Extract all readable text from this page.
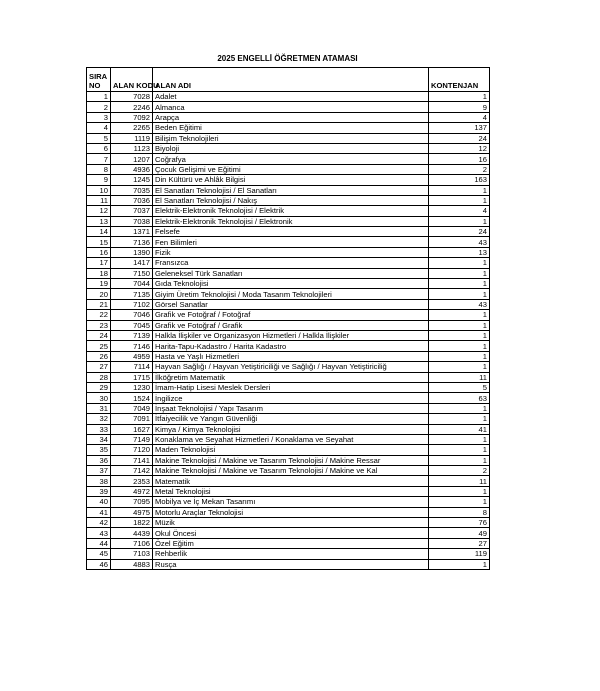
2025 ENGELLİ ÖĞRETMEN ATAMASI
SIRA
NO	ALAN KODU	ALAN ADI	KONTENJAN
1	7028	Adalet	1
2	2246	Almanca	9
3	7092	Arapça	4
4	2265	Beden Eğitimi	137
5	1119	Bilişim Teknolojileri	24
6	1123	Biyoloji	12
7	1207	Coğrafya	16
8	4936	Çocuk Gelişimi ve Eğitimi	2
9	1245	Din Kültürü ve Ahlâk Bilgisi	163
10	7035	El Sanatları Teknolojisi / El Sanatları	1
11	7036	El Sanatları Teknolojisi / Nakış	1
12	7037	Elektrik-Elektronik Teknolojisi / Elektrik	4
13	7038	Elektrik-Elektronik Teknolojisi / Elektronik	1
14	1371	Felsefe	24
15	7136	Fen Bilimleri	43
16	1390	Fizik	13
17	1417	Fransızca	1
18	7150	Geleneksel Türk Sanatları	1
19	7044	Gıda Teknolojisi	1
20	7135	Giyim Üretim Teknolojisi / Moda Tasarım Teknolojileri	1
21	7102	Görsel Sanatlar	43
22	7046	Grafik ve Fotoğraf / Fotoğraf	1
23	7045	Grafik ve Fotoğraf / Grafik	1
24	7139	Halkla İlişkiler ve Organizasyon Hizmetleri / Halkla İlişkiler	1
25	7146	Harita-Tapu-Kadastro / Harita Kadastro	1
26	4959	Hasta ve Yaşlı Hizmetleri	1
27	7114	Hayvan Sağlığı / Hayvan Yetiştiriciliği ve Sağlığı / Hayvan Yetiştiriciliğ	1
28	1715	İlköğretim Matematik	11
29	1230	İmam-Hatip Lisesi Meslek Dersleri	5
30	1524	İngilizce	63
31	7049	İnşaat Teknolojisi / Yapı Tasarım	1
32	7091	İtfaiyecilik ve Yangın Güvenliği	1
33	1627	Kimya / Kimya Teknolojisi	41
34	7149	Konaklama ve Seyahat Hizmetleri / Konaklama ve Seyahat	1
35	7120	Maden Teknolojisi	1
36	7141	Makine Teknolojisi / Makine ve Tasarım Teknolojisi / Makine Ressar	1
37	7142	Makine Teknolojisi / Makine ve Tasarım Teknolojisi / Makine ve Kal	2
38	2353	Matematik	11
39	4972	Metal Teknolojisi	1
40	7095	Mobilya ve İç Mekan Tasarımı	1
41	4975	Motorlu Araçlar Teknolojisi	8
42	1822	Müzik	76
43	4439	Okul Öncesi	49
44	7106	Özel Eğitim	27
45	7103	Rehberlik	119
46	4883	Rusça	1
